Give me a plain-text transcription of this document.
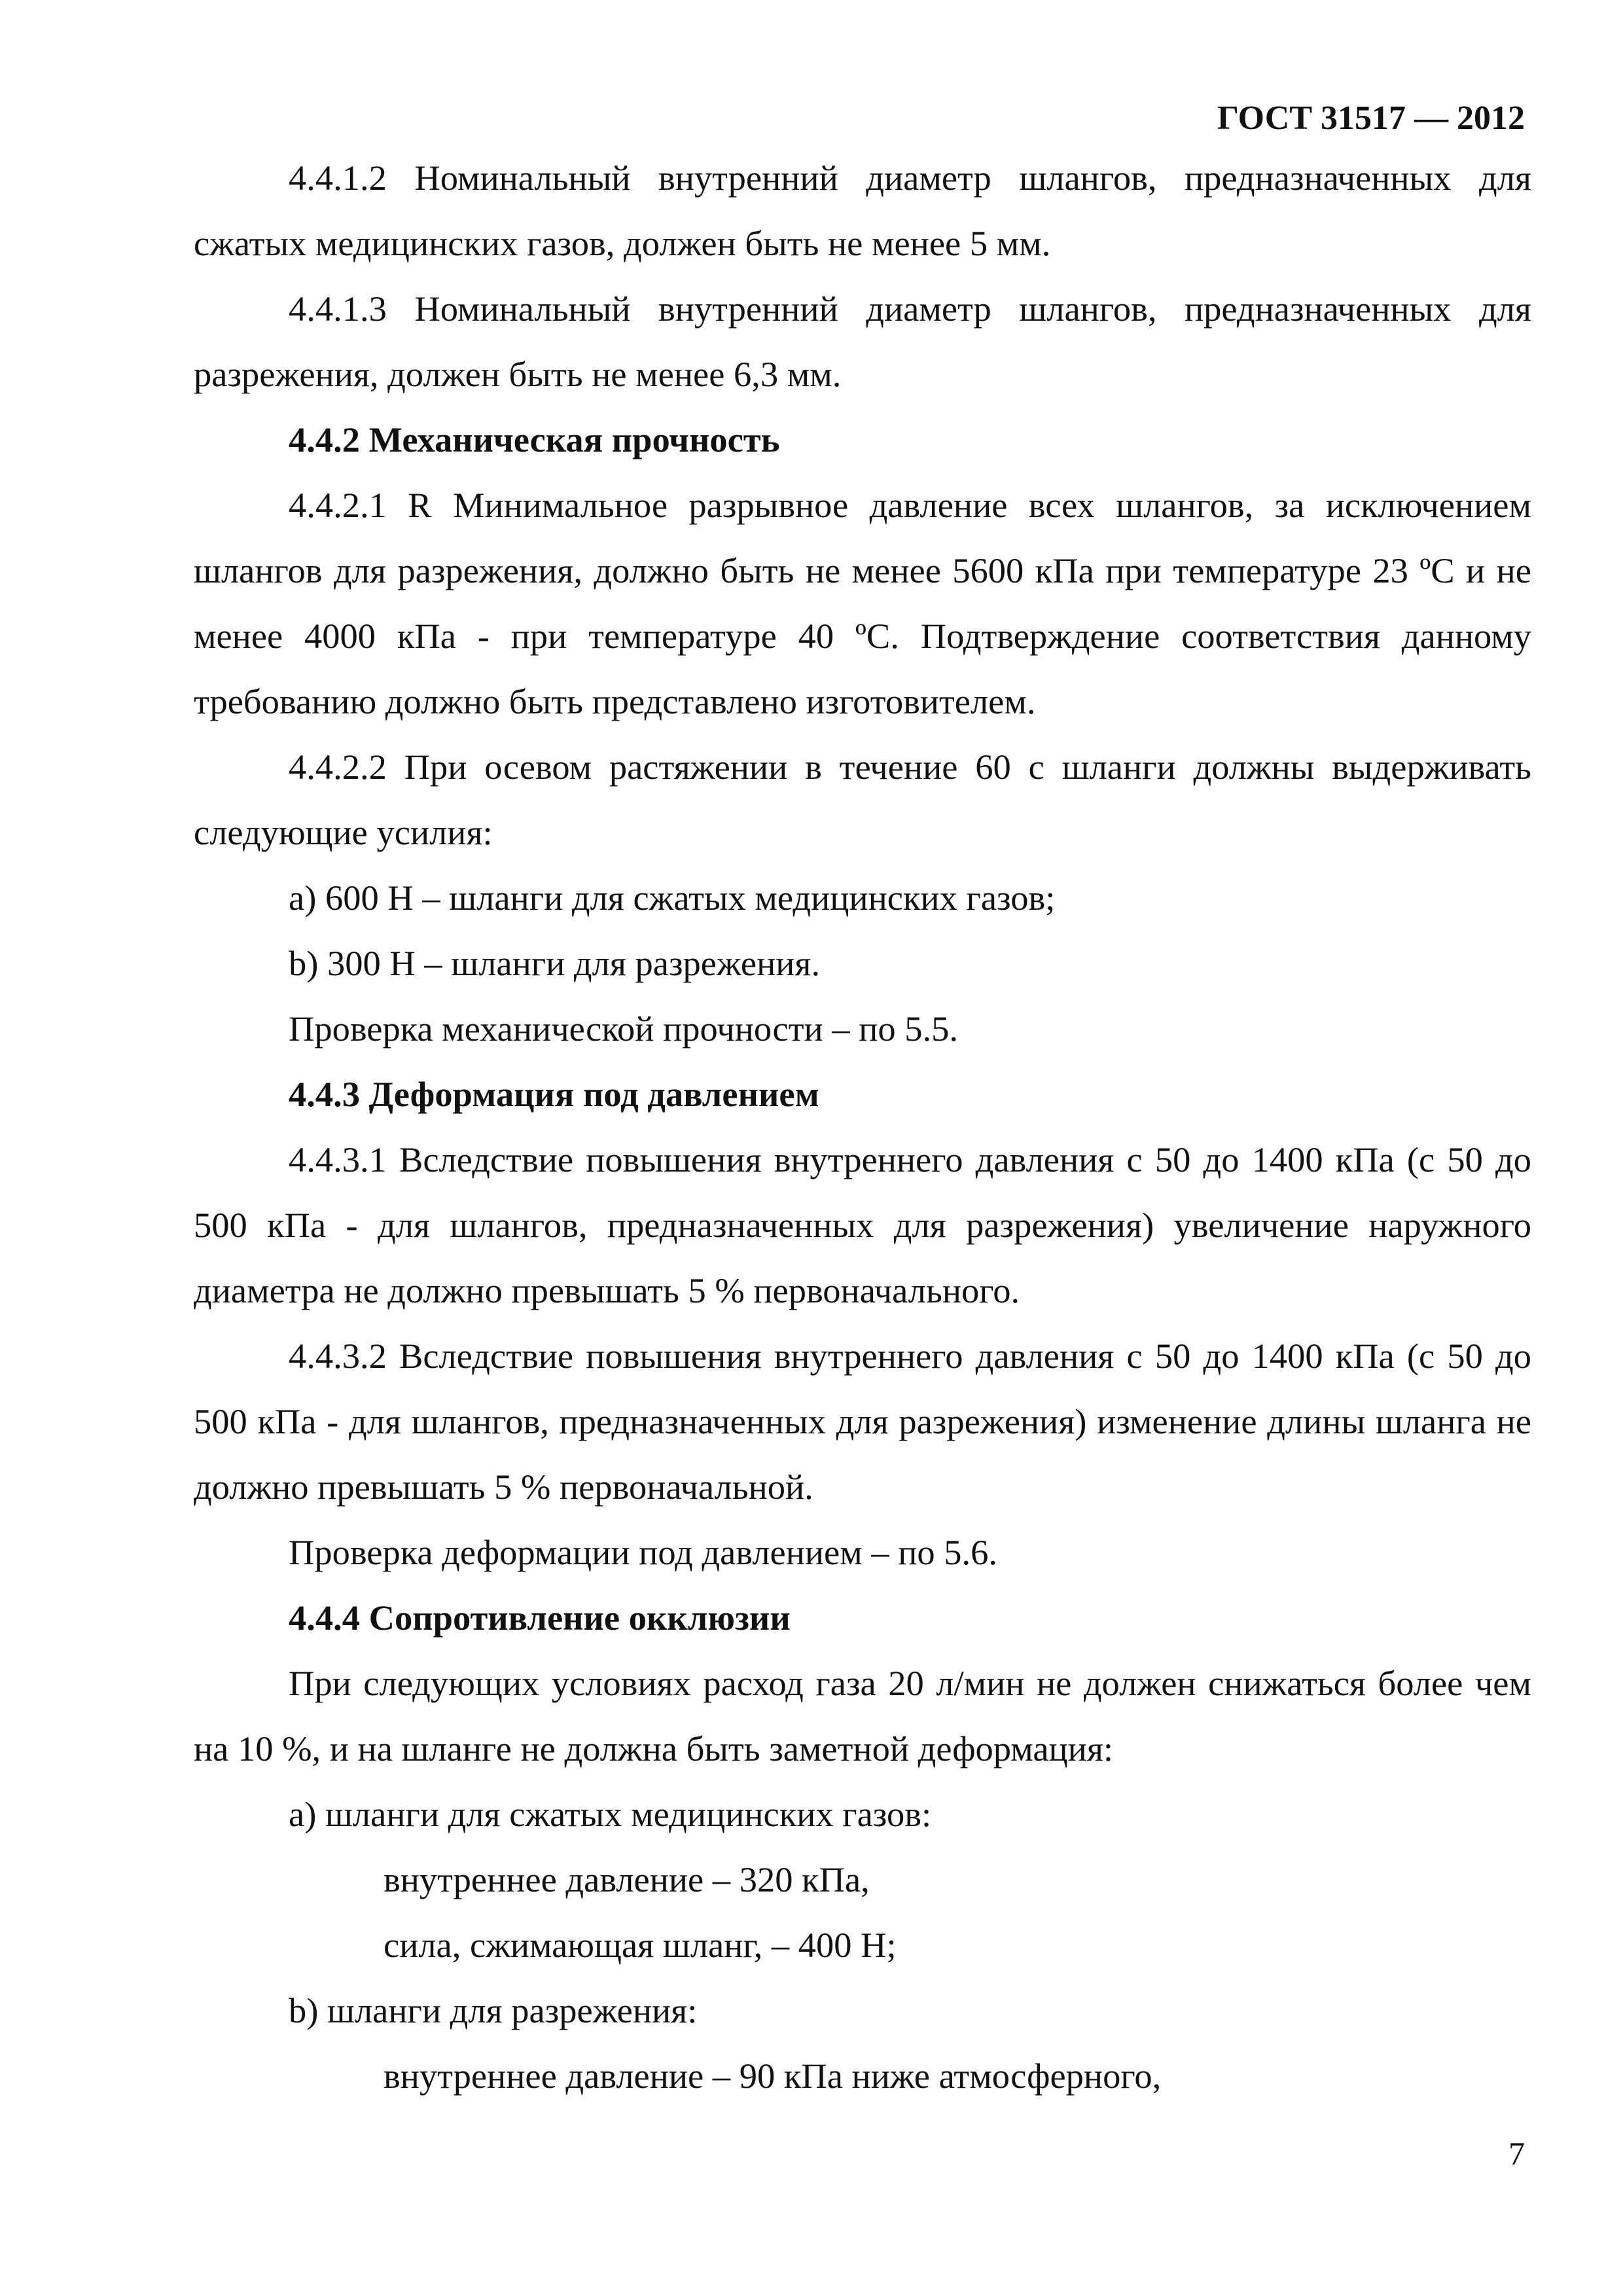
ГОСТ 31517 — 2012

4.4.1.2 Номинальный внутренний диаметр шлангов, предназначенных для сжатых медицинских газов, должен быть не менее 5 мм.

4.4.1.3 Номинальный внутренний диаметр шлангов, предназначенных для разрежения, должен быть не менее 6,3 мм.

4.4.2 Механическая прочность

4.4.2.1 R Минимальное разрывное давление всех шлангов, за исключением шлангов для разрежения, должно быть не менее 5600 кПа при температуре 23 ºС и не менее 4000 кПа - при температуре 40 ºС. Подтверждение соответствия данному требованию должно быть представлено изготовителем.

4.4.2.2 При осевом растяжении в течение 60 с шланги должны выдерживать следующие усилия:

a) 600 Н – шланги для сжатых медицинских газов;

b) 300 Н – шланги для разрежения.

Проверка механической прочности – по 5.5.

4.4.3 Деформация под давлением

4.4.3.1 Вследствие повышения внутреннего давления с 50 до 1400 кПа (с 50 до 500 кПа - для шлангов, предназначенных для разрежения) увеличение наружного диаметра не должно превышать 5 % первоначального.

4.4.3.2 Вследствие повышения внутреннего давления с 50 до 1400 кПа (с 50 до 500 кПа - для шлангов, предназначенных для разрежения) изменение длины шланга не должно превышать 5 % первоначальной.

Проверка деформации под давлением – по 5.6.

4.4.4 Сопротивление окклюзии

При следующих условиях расход газа 20 л/мин не должен снижаться более чем на 10 %, и на шланге не должна быть заметной деформация:

a) шланги для сжатых медицинских газов:

внутреннее давление – 320 кПа,

сила, сжимающая шланг, – 400 Н;

b) шланги для разрежения:

внутреннее давление – 90 кПа ниже атмосферного,

7
